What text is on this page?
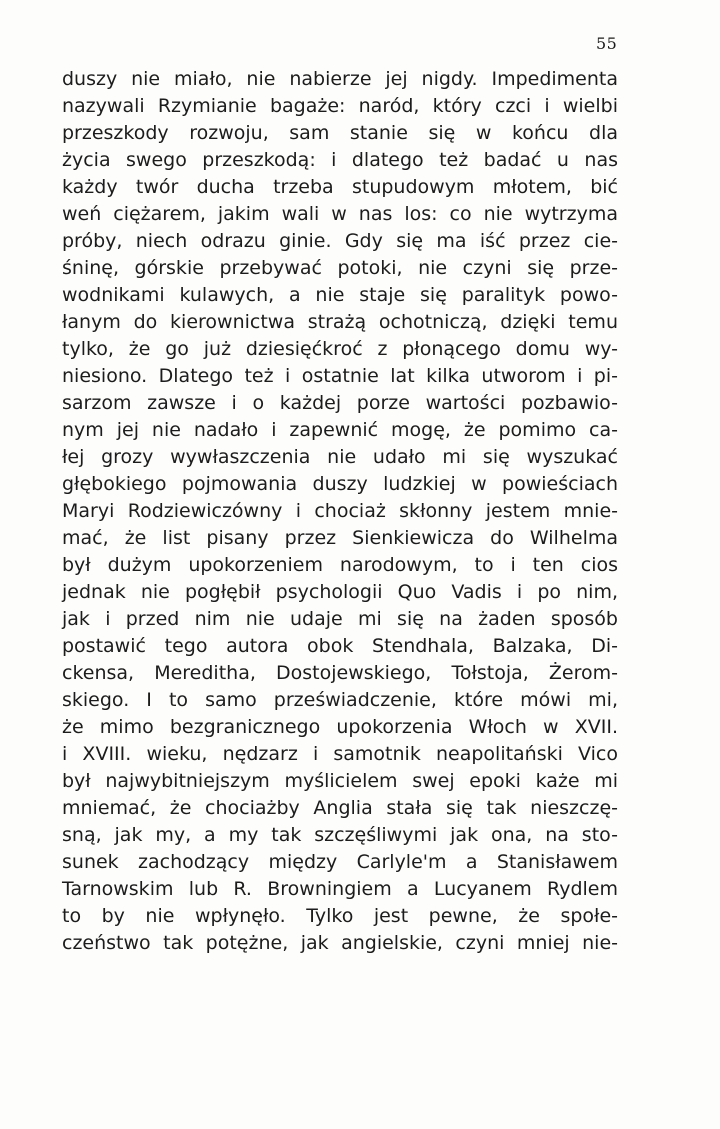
55
duszy nie miało, nie nabierze jej nigdy. Impedimenta
nazywali Rzymianie bagaże: naród, który czci i wielbi
przeszkody rozwoju, sam stanie się w końcu dla
życia swego przeszkodą: i dlatego też badać u nas
każdy twór ducha trzeba stupudowym młotem, bić
weń ciężarem, jakim wali w nas los: co nie wytrzyma
próby, niech odrazu ginie. Gdy się ma iść przez cie-
śninę, górskie przebywać potoki, nie czyni się prze-
wodnikami kulawych, a nie staje się paralityk powo-
łanym do kierownictwa strażą ochotniczą, dzięki temu
tylko, że go już dziesięćkroć z płonącego domu wy-
niesiono. Dlatego też i ostatnie lat kilka utworom i pi-
sarzom zawsze i o każdej porze wartości pozbawio-
nym jej nie nadało i zapewnić mogę, że pomimo ca-
łej grozy wywłaszczenia nie udało mi się wyszukać
głębokiego pojmowania duszy ludzkiej w powieściach
Maryi Rodziewiczówny i chociaż skłonny jestem mnie-
mać, że list pisany przez Sienkiewicza do Wilhelma
był dużym upokorzeniem narodowym, to i ten cios
jednak nie pogłębił psychologii Quo Vadis i po nim,
jak i przed nim nie udaje mi się na żaden sposób
postawić tego autora obok Stendhala, Balzaka, Di-
ckensa, Mereditha, Dostojewskiego, Tołstoja, Żerom-
skiego. I to samo przeświadczenie, które mówi mi,
że mimo bezgranicznego upokorzenia Włoch w XVII.
i XVIII. wieku, nędzarz i samotnik neapolitański Vico
był najwybitniejszym myślicielem swej epoki każe mi
mniemać, że chociażby Anglia stała się tak nieszczę-
sną, jak my, a my tak szczęśliwymi jak ona, na sto-
sunek zachodzący między Carlyle'm a Stanisławem
Tarnowskim lub R. Browningiem a Lucyanem Rydlem
to by nie wpłynęło. Tylko jest pewne, że społe-
czeństwo tak potężne, jak angielskie, czyni mniej nie-
